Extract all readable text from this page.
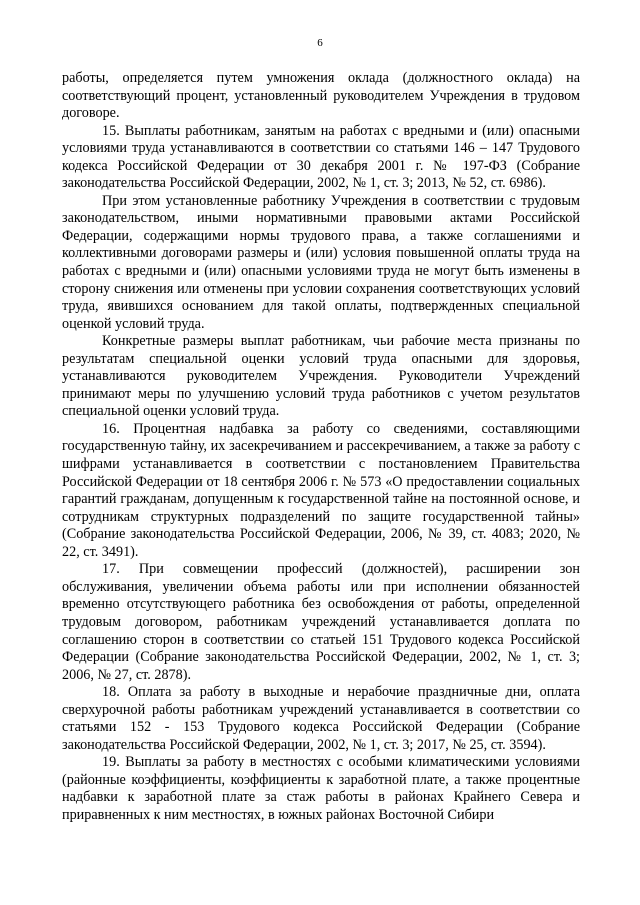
6

работы, определяется путем умножения оклада (должностного оклада) на соответствующий процент, установленный руководителем Учреждения в трудовом договоре.

15. Выплаты работникам, занятым на работах с вредными и (или) опасными условиями труда устанавливаются в соответствии со статьями 146 – 147 Трудового кодекса Российской Федерации от 30 декабря 2001 г. № 197-ФЗ (Собрание законодательства Российской Федерации, 2002, № 1, ст. 3; 2013, № 52, ст. 6986).

При этом установленные работнику Учреждения в соответствии с трудовым законодательством, иными нормативными правовыми актами Российской Федерации, содержащими нормы трудового права, а также соглашениями и коллективными договорами размеры и (или) условия повышенной оплаты труда на работах с вредными и (или) опасными условиями труда не могут быть изменены в сторону снижения или отменены при условии сохранения соответствующих условий труда, явившихся основанием для такой оплаты, подтвержденных специальной оценкой условий труда.

Конкретные размеры выплат работникам, чьи рабочие места признаны по результатам специальной оценки условий труда опасными для здоровья, устанавливаются руководителем Учреждения. Руководители Учреждений принимают меры по улучшению условий труда работников с учетом результатов специальной оценки условий труда.

16. Процентная надбавка за работу со сведениями, составляющими государственную тайну, их засекречиванием и рассекречиванием, а также за работу с шифрами устанавливается в соответствии с постановлением Правительства Российской Федерации от 18 сентября 2006 г. № 573 «О предоставлении социальных гарантий гражданам, допущенным к государственной тайне на постоянной основе, и сотрудникам структурных подразделений по защите государственной тайны» (Собрание законодательства Российской Федерации, 2006, № 39, ст. 4083; 2020, № 22, ст. 3491).

17. При совмещении профессий (должностей), расширении зон обслуживания, увеличении объема работы или при исполнении обязанностей временно отсутствующего работника без освобождения от работы, определенной трудовым договором, работникам учреждений устанавливается доплата по соглашению сторон в соответствии со статьей 151 Трудового кодекса Российской Федерации (Собрание законодательства Российской Федерации, 2002, № 1, ст. 3; 2006, № 27, ст. 2878).

18. Оплата за работу в выходные и нерабочие праздничные дни, оплата сверхурочной работы работникам учреждений устанавливается в соответствии со статьями 152 - 153 Трудового кодекса Российской Федерации (Собрание законодательства Российской Федерации, 2002, № 1, ст. 3; 2017, № 25, ст. 3594).

19. Выплаты за работу в местностях с особыми климатическими условиями (районные коэффициенты, коэффициенты к заработной плате, а также процентные надбавки к заработной плате за стаж работы в районах Крайнего Севера и приравненных к ним местностях, в южных районах Восточной Сибири
